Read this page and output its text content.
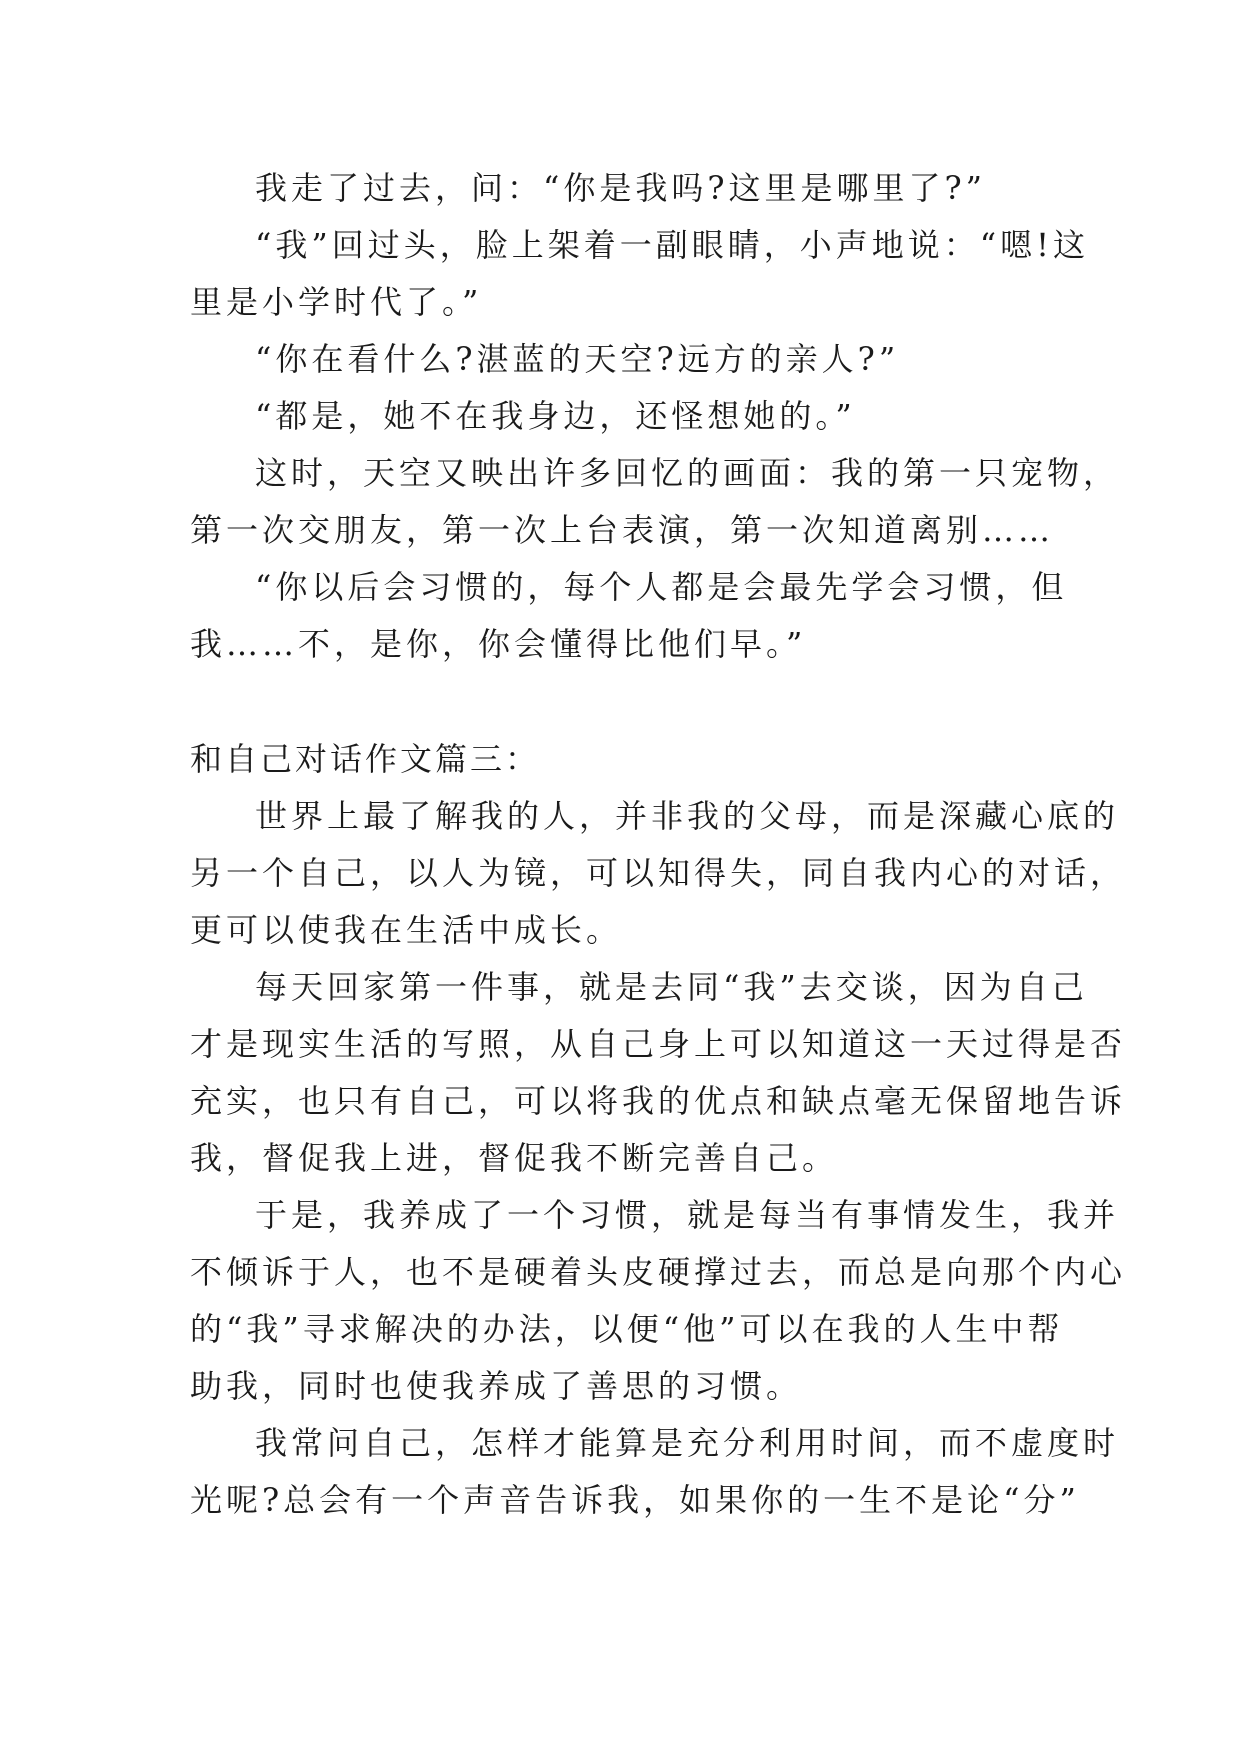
我走了过去，问：“你是我吗?这里是哪里了?”
“我”回过头，脸上架着一副眼睛，小声地说：“嗯!这
里是小学时代了。”
“你在看什么?湛蓝的天空?远方的亲人?”
“都是，她不在我身边，还怪想她的。”
这时，天空又映出许多回忆的画面：我的第一只宠物，
第一次交朋友，第一次上台表演，第一次知道离别……
“你以后会习惯的，每个人都是会最先学会习惯，但
我……不，是你，你会懂得比他们早。”
和自己对话作文篇三：
世界上最了解我的人，并非我的父母，而是深藏心底的
另一个自己，以人为镜，可以知得失，同自我内心的对话，
更可以使我在生活中成长。
每天回家第一件事，就是去同“我”去交谈，因为自己
才是现实生活的写照，从自己身上可以知道这一天过得是否
充实，也只有自己，可以将我的优点和缺点毫无保留地告诉
我，督促我上进，督促我不断完善自己。
于是，我养成了一个习惯，就是每当有事情发生，我并
不倾诉于人，也不是硬着头皮硬撑过去，而总是向那个内心
的“我”寻求解决的办法，以便“他”可以在我的人生中帮
助我，同时也使我养成了善思的习惯。
我常问自己，怎样才能算是充分利用时间，而不虚度时
光呢?总会有一个声音告诉我，如果你的一生不是论“分”
